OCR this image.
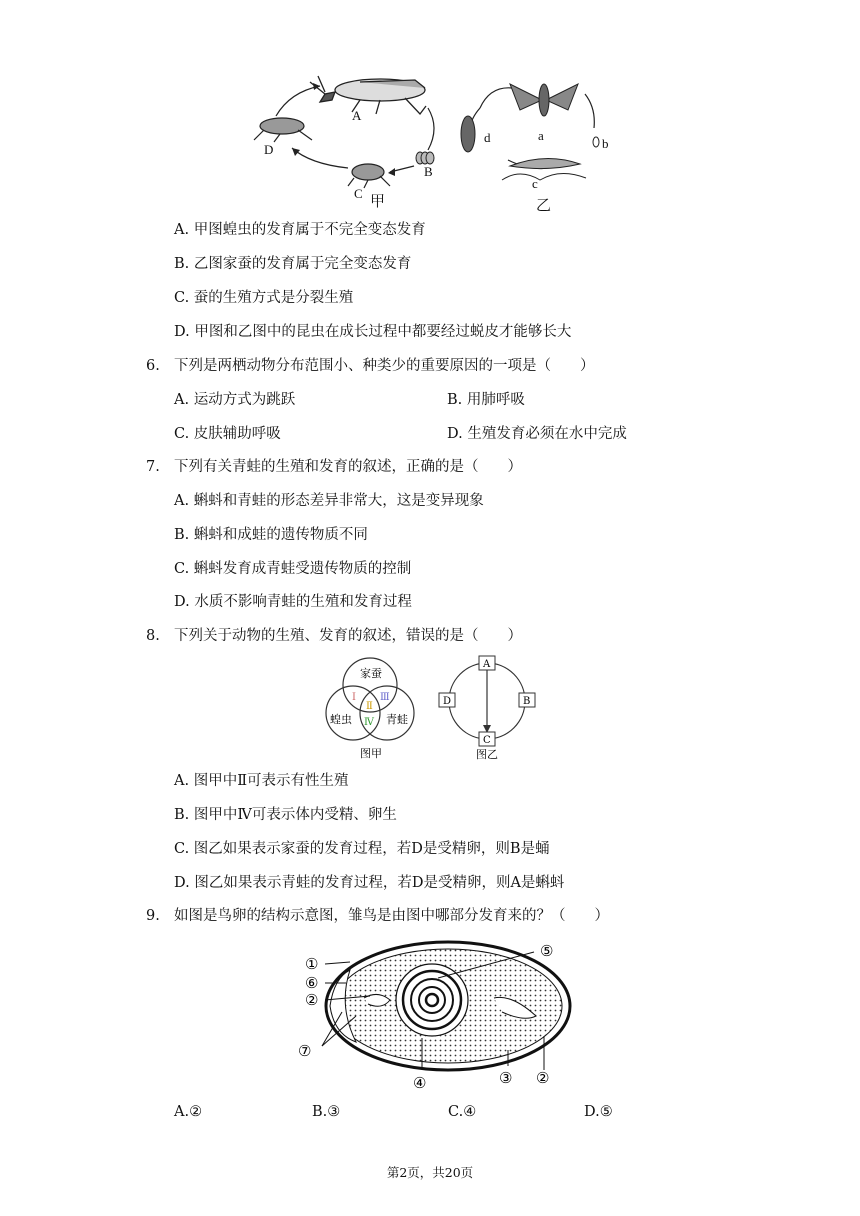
A
B
C
D
甲
a
b
c
d
乙
A. 甲图蝗虫的发育属于不完全变态发育
B. 乙图家蚕的发育属于完全变态发育
C. 蚕的生殖方式是分裂生殖
D. 甲图和乙图中的昆虫在成长过程中都要经过蜕皮才能够长大
6. 下列是两栖动物分布范围小、种类少的重要原因的一项是（　　）
A. 运动方式为跳跃	B. 用肺呼吸
C. 皮肤辅助呼吸	D. 生殖发育必须在水中完成
7. 下列有关青蛙的生殖和发育的叙述，正确的是（　　）
A. 蝌蚪和青蛙的形态差异非常大，这是变异现象
B. 蝌蚪和成蛙的遗传物质不同
C. 蝌蚪发育成青蛙受遗传物质的控制
D. 水质不影响青蛙的生殖和发育过程
8. 下列关于动物的生殖、发育的叙述，错误的是（　　）
家蚕
蝗虫	青蛙
Ⅰ
Ⅱ
Ⅲ
Ⅳ
图甲
A
B
C
D
图乙
A. 图甲中Ⅱ可表示有性生殖
B. 图甲中Ⅳ可表示体内受精、卵生
C. 图乙如果表示家蚕的发育过程，若D是受精卵，则B是蛹
D. 图乙如果表示青蛙的发育过程，若D是受精卵，则A是蝌蚪
9. 如图是鸟卵的结构示意图，雏鸟是由图中哪部分发育来的？（　　）
①
⑥
②
⑦
⑤
④	③ ②
A.②	B.③	C.④	D.⑤
第2页，共20页
